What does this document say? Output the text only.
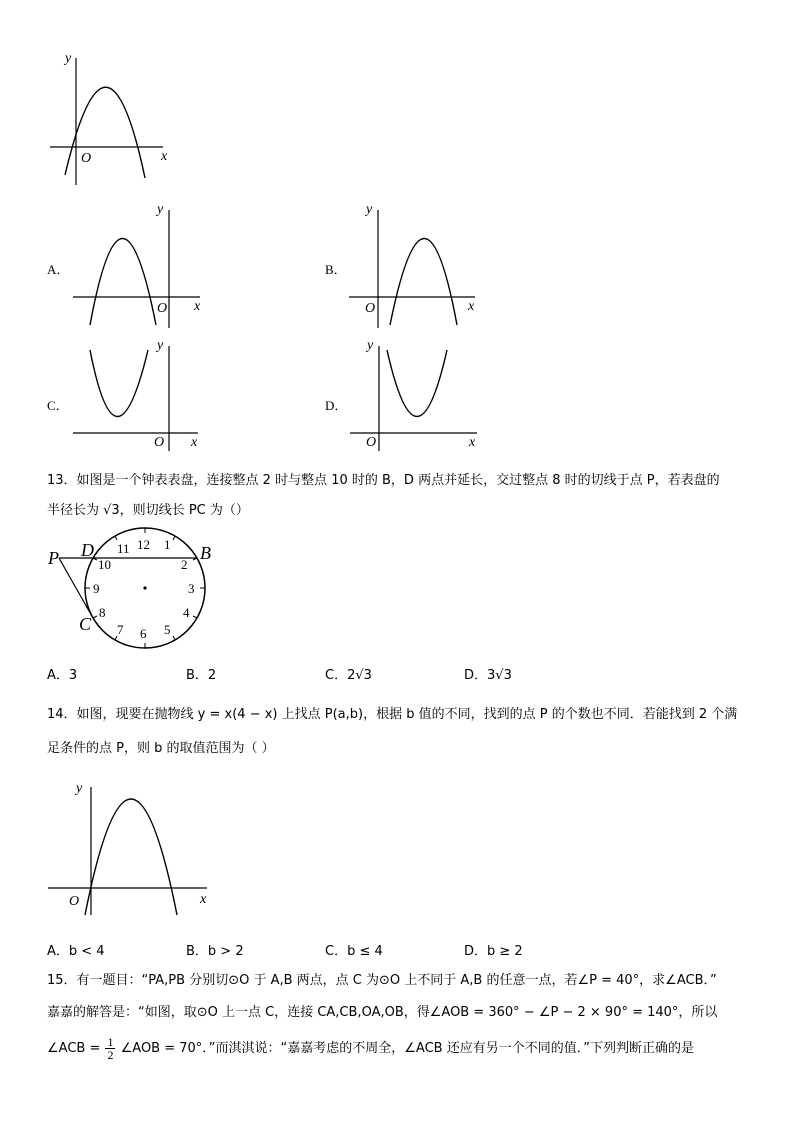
y
O	x
A．
y
O x
B．
y
O	x
C．
y
O x
D．
y
O	x
13．如图是一个钟表表盘，连接整点 2 时与整点 10 时的 B，D 两点并延长，交过整点 8 时的切线于点 P，若表盘的
半径长为 √3，则切线长 PC 为（）
12 1
2
3
4
5
6
7
8
9
10
11
P D	B
C
A．3	B．2	C．2√3	D．3√3
14．如图，现要在抛物线 y = x(4 − x) 上找点 P(a,b)，根据 b 值的不同，找到的点 P 的个数也不同．若能找到 2 个满
足条件的点 P，则 b 的取值范围为（ ）
y
O	x
A．b < 4	B．b > 2	C．b ≤ 4	D．b ≥ 2
15．有一题目：“PA,PB 分别切⊙O 于 A,B 两点，点 C 为⊙O 上不同于 A,B 的任意一点，若∠P = 40°，求∠ACB．”
嘉嘉的解答是：“如图，取⊙O 上一点 C，连接 CA,CB,OA,OB，得∠AOB = 360° − ∠P − 2 × 90° = 140°，所以
∠ACB = $\frac{1}{2}$ ∠AOB = 70°．”而淇淇说：“嘉嘉考虑的不周全，∠ACB 还应有另一个不同的值．”下列判断正确的是
